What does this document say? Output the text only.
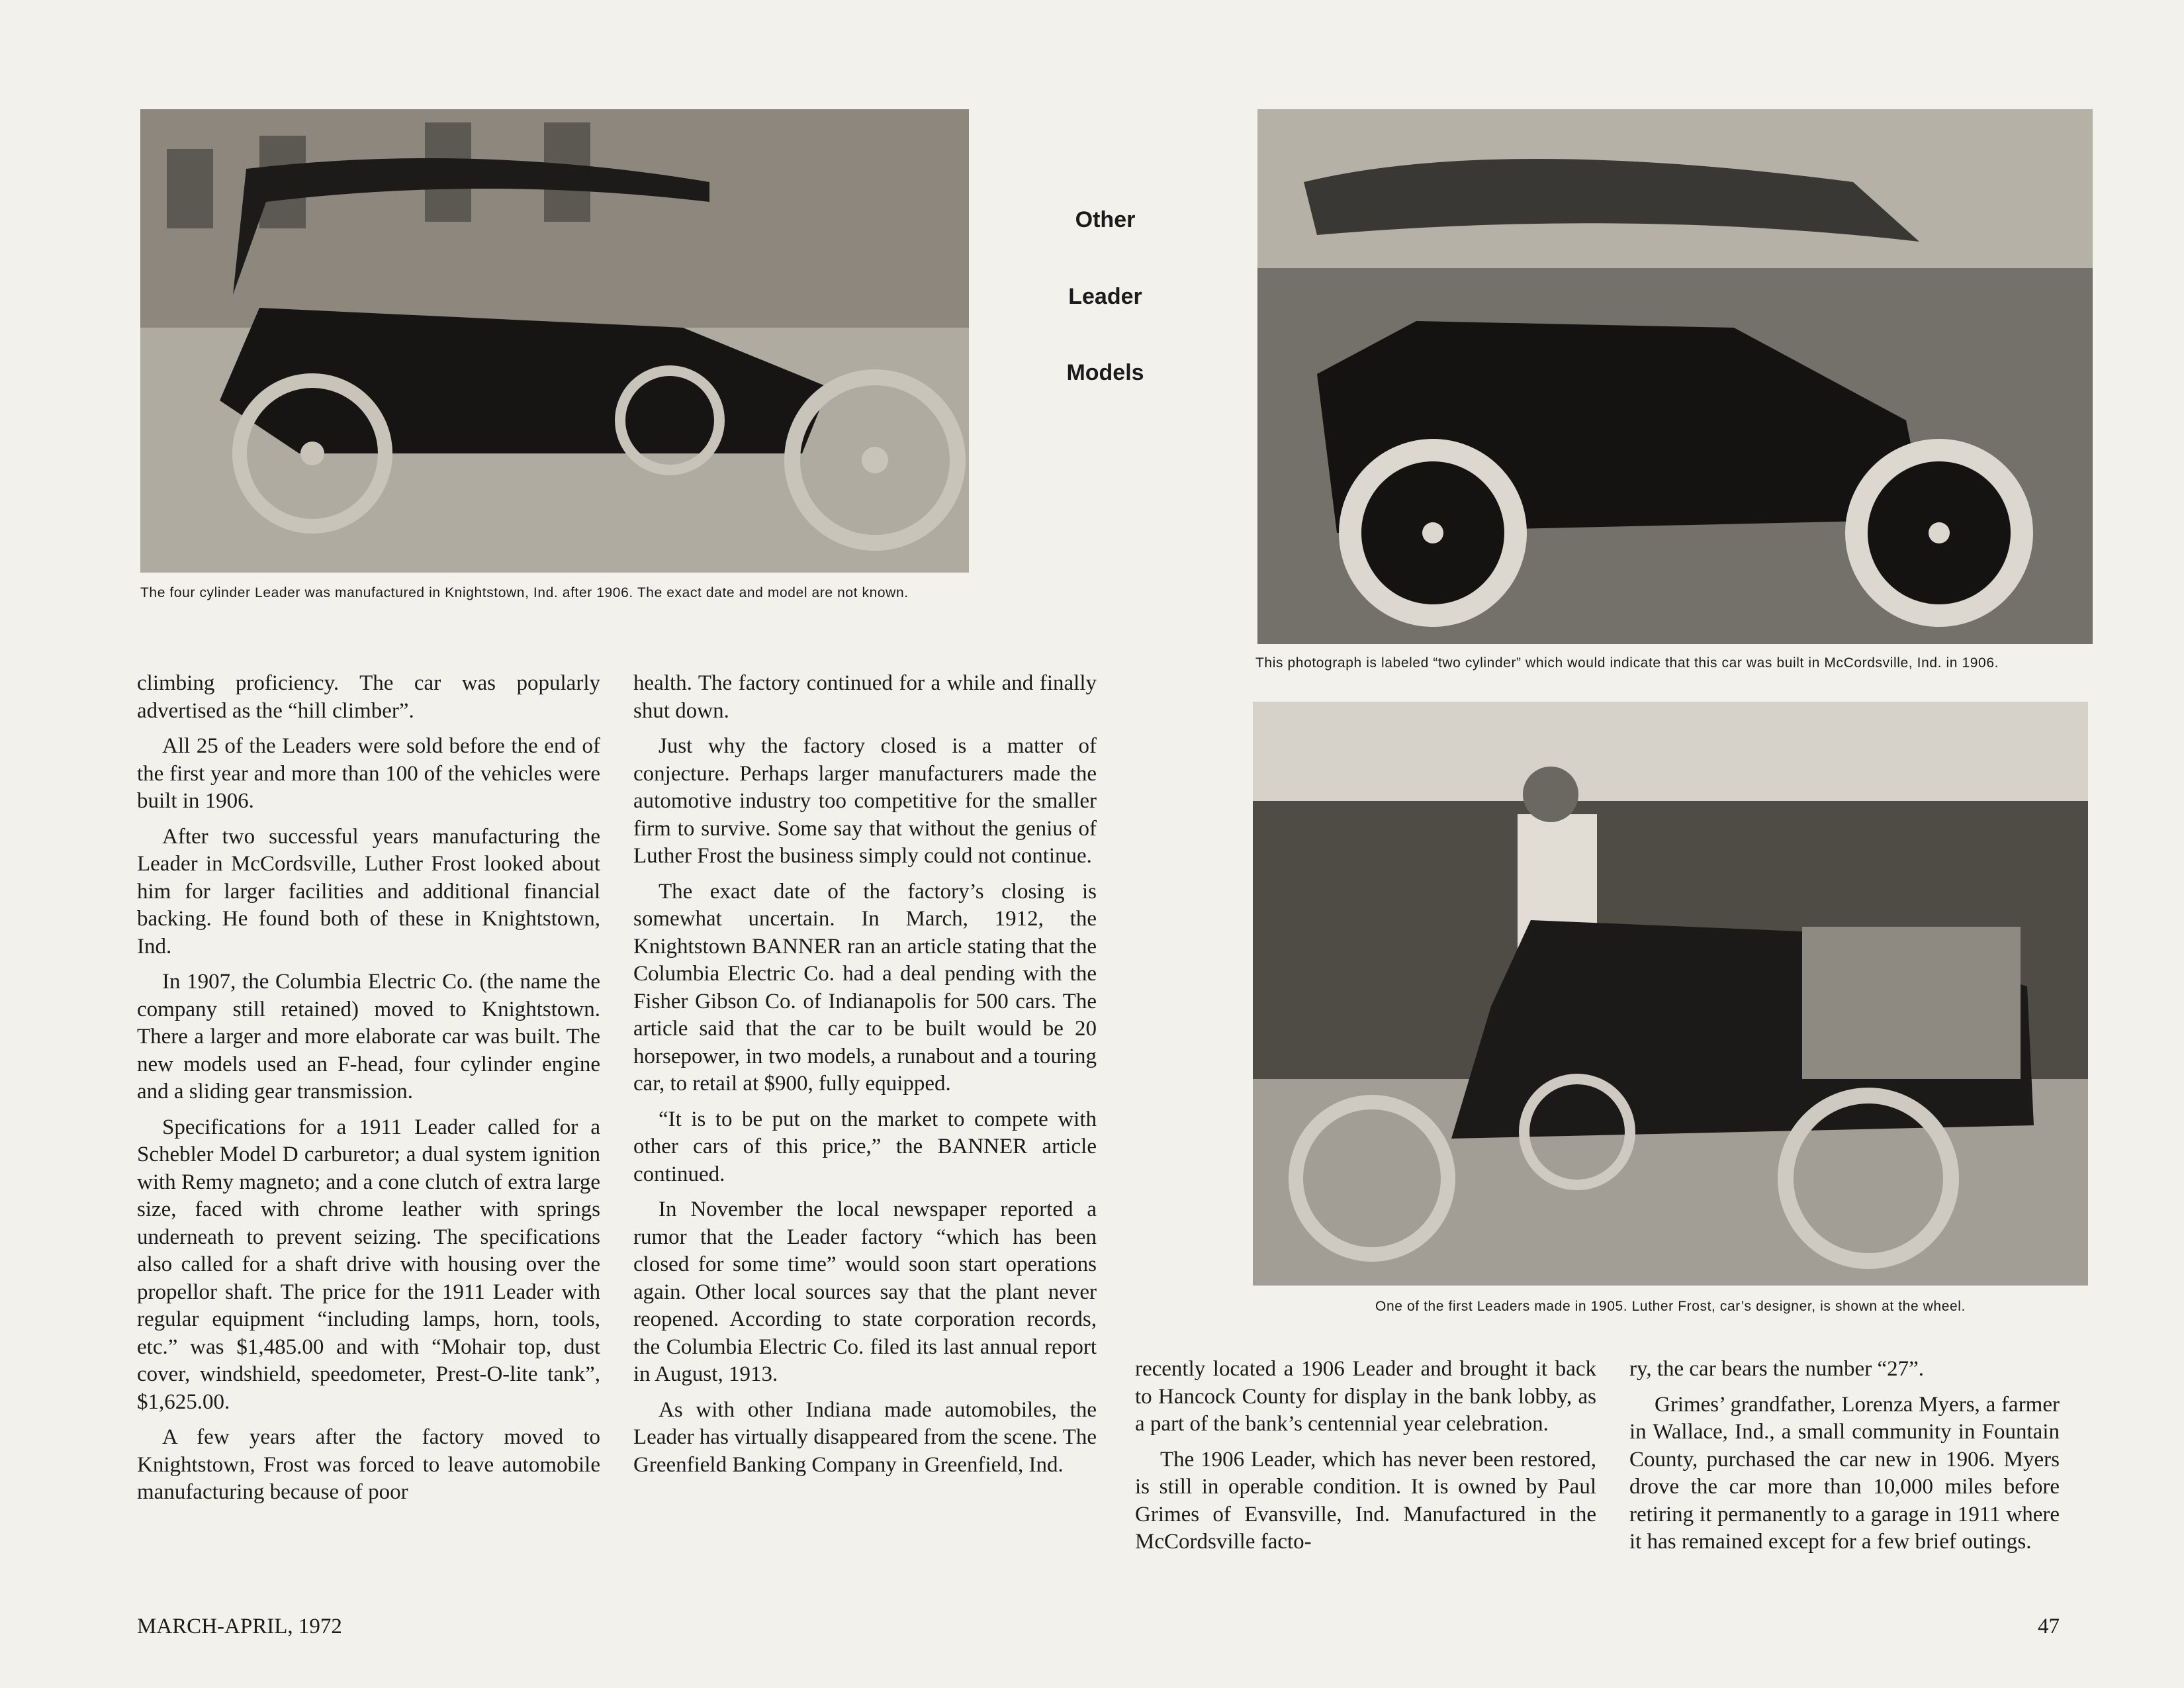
The four cylinder Leader was manufactured in Knightstown, Ind. after 1906. The exact date and model are not known.
Other
Leader
Models
This photograph is labeled “two cylinder” which would indicate that this car was built in McCordsville, Ind. in 1906.
One of the first Leaders made in 1905. Luther Frost, car’s designer, is shown at the wheel.

climbing proficiency. The car was popularly advertised as the “hill climber”.

All 25 of the Leaders were sold before the end of the first year and more than 100 of the vehicles were built in 1906.

After two successful years manufacturing the Leader in McCordsville, Luther Frost looked about him for larger facilities and additional financial backing. He found both of these in Knightstown, Ind.

In 1907, the Columbia Electric Co. (the name the company still retained) moved to Knightstown. There a larger and more elaborate car was built. The new models used an F-head, four cylinder engine and a sliding gear transmission.

Specifications for a 1911 Leader called for a Schebler Model D carburetor; a dual system ignition with Remy magneto; and a cone clutch of extra large size, faced with chrome leather with springs underneath to prevent seizing. The specifications also called for a shaft drive with housing over the propellor shaft. The price for the 1911 Leader with regular equipment “including lamps, horn, tools, etc.” was $1,485.00 and with “Mohair top, dust cover, windshield, speedometer, Prest-O-lite tank”, $1,625.00.

A few years after the factory moved to Knightstown, Frost was forced to leave automobile manufacturing because of poor

health. The factory continued for a while and finally shut down.

Just why the factory closed is a matter of conjecture. Perhaps larger manufacturers made the automotive industry too competitive for the smaller firm to survive. Some say that without the genius of Luther Frost the business simply could not continue.

The exact date of the factory’s closing is somewhat uncertain. In March, 1912, the Knightstown BANNER ran an article stating that the Columbia Electric Co. had a deal pending with the Fisher Gibson Co. of Indianapolis for 500 cars. The article said that the car to be built would be 20 horsepower, in two models, a runabout and a touring car, to retail at $900, fully equipped.

“It is to be put on the market to compete with other cars of this price,” the BANNER article continued.

In November the local newspaper reported a rumor that the Leader factory “which has been closed for some time” would soon start operations again. Other local sources say that the plant never reopened. According to state corporation records, the Columbia Electric Co. filed its last annual report in August, 1913.

As with other Indiana made automobiles, the Leader has virtually disappeared from the scene. The Greenfield Banking Company in Greenfield, Ind.

recently located a 1906 Leader and brought it back to Hancock County for display in the bank lobby, as a part of the bank’s centennial year celebration.

The 1906 Leader, which has never been restored, is still in operable condition. It is owned by Paul Grimes of Evansville, Ind. Manufactured in the McCordsville facto-

ry, the car bears the number “27”.

Grimes’ grandfather, Lorenza Myers, a farmer in Wallace, Ind., a small community in Fountain County, purchased the car new in 1906. Myers drove the car more than 10,000 miles before retiring it permanently to a garage in 1911 where it has remained except for a few brief outings.

MARCH-APRIL, 1972	47
